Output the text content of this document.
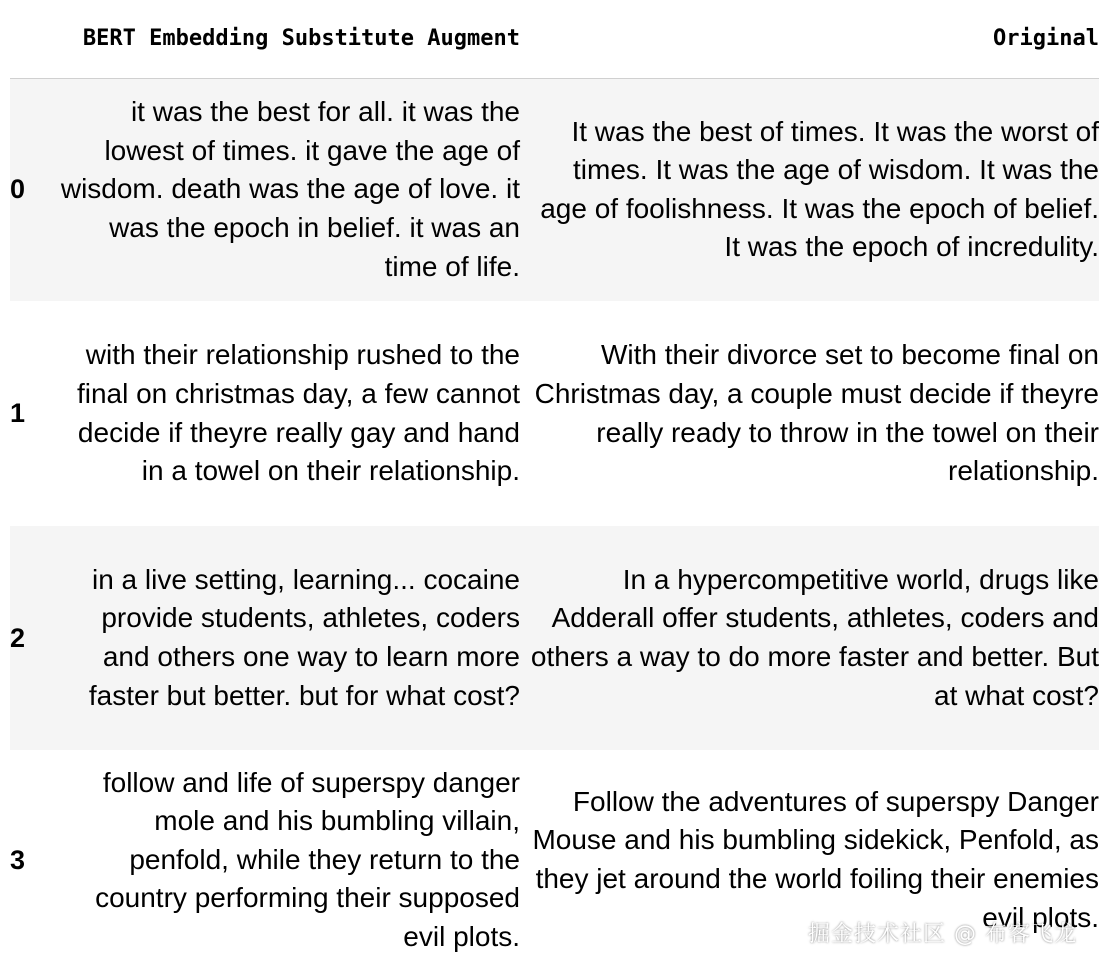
	BERT Embedding Substitute Augment	Original
0	it was the best for all. it was the lowest of times. it gave the age of wisdom. death was the age of love. it was the epoch in belief. it was an time of life.	It was the best of times. It was the worst of times. It was the age of wisdom. It was the age of foolishness. It was the epoch of belief. It was the epoch of incredulity.
1	with their relationship rushed to the final on christmas day, a few cannot decide if theyre really gay and hand in a towel on their relationship.	With their divorce set to become final on Christmas day, a couple must decide if theyre really ready to throw in the towel on their relationship.
2	in a live setting, learning... cocaine provide students, athletes, coders and others one way to learn more faster but better. but for what cost?	In a hypercompetitive world, drugs like Adderall offer students, athletes, coders and others a way to do more faster and better. But at what cost?
3	follow and life of superspy danger mole and his bumbling villain, penfold, while they return to the country performing their supposed evil plots.	Follow the adventures of superspy Danger Mouse and his bumbling sidekick, Penfold, as they jet around the world foiling their enemies evil plots.
掘金技术社区 @ 布客飞龙
